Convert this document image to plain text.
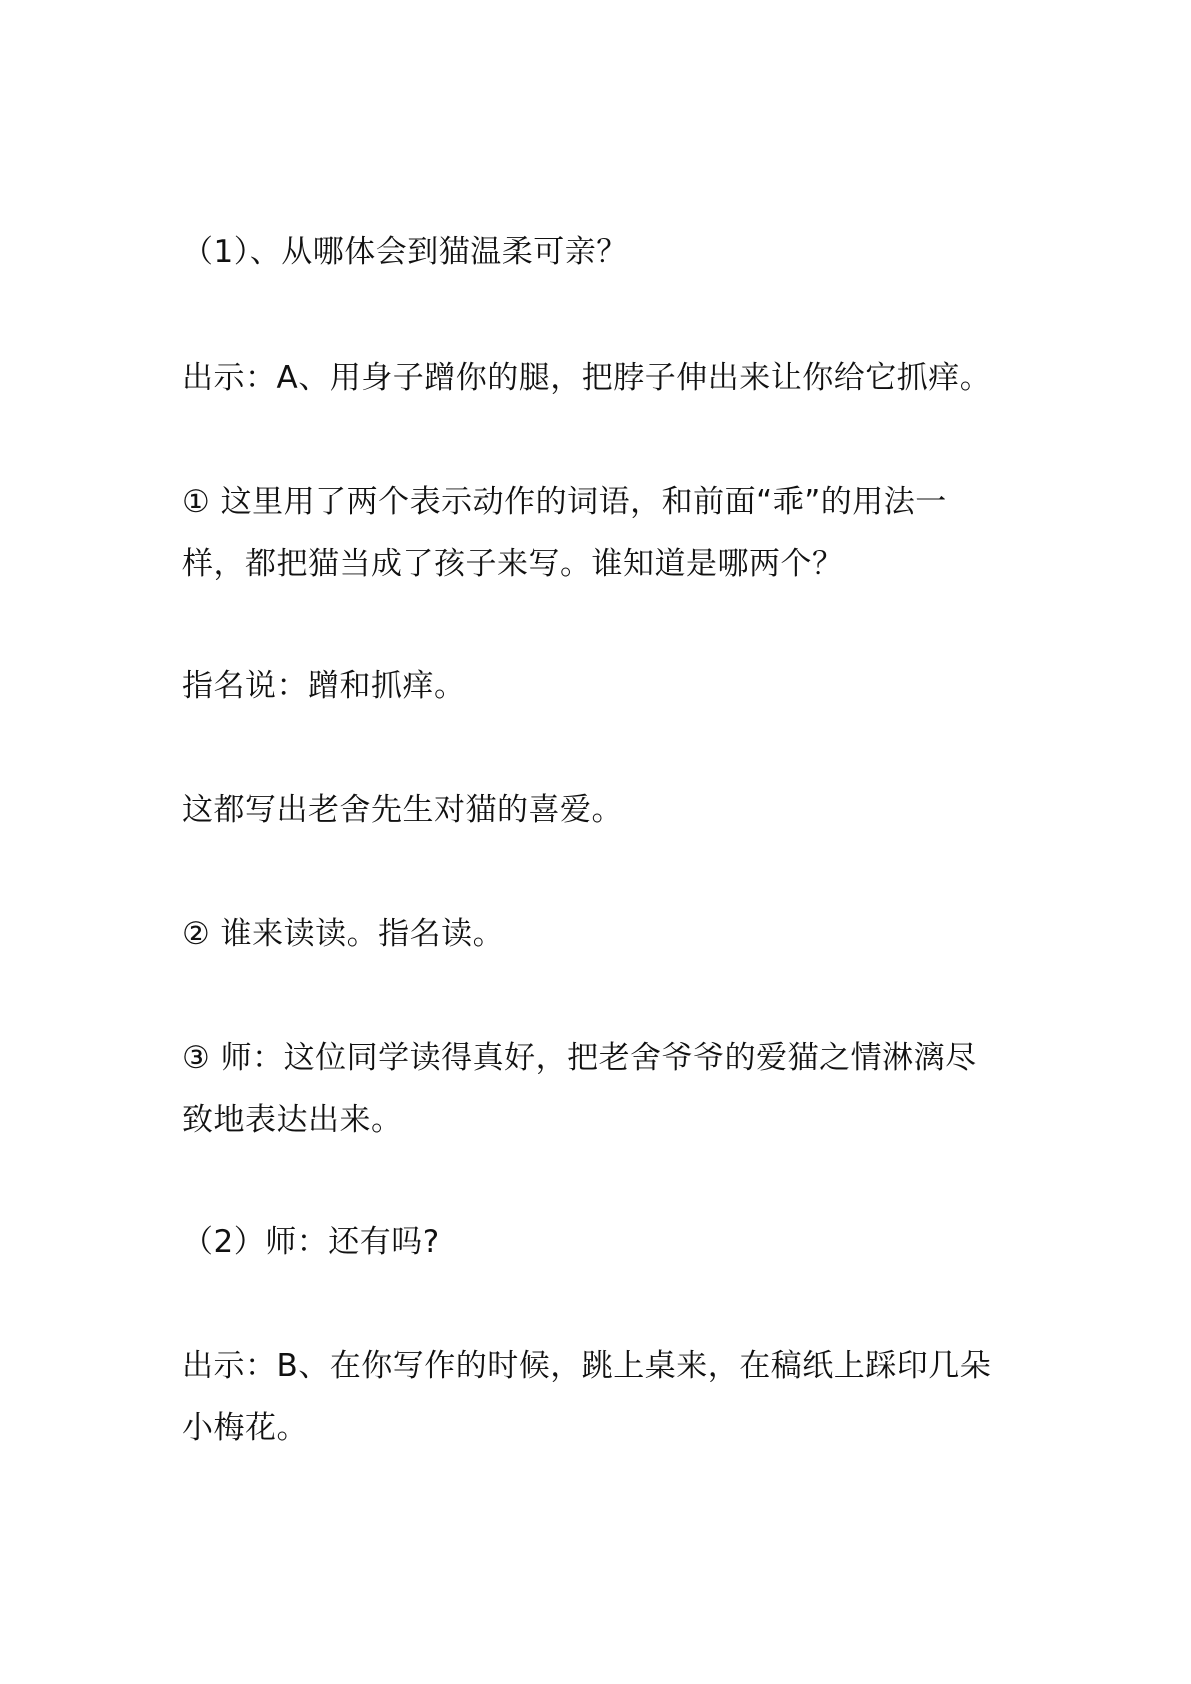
（1）、从哪体会到猫温柔可亲？
出示：A、用身子蹭你的腿，把脖子伸出来让你给它抓痒。
① 这里用了两个表示动作的词语，和前面“乖”的用法一
样，都把猫当成了孩子来写。谁知道是哪两个？
指名说：蹭和抓痒。
这都写出老舍先生对猫的喜爱。
② 谁来读读。指名读。
③ 师：这位同学读得真好，把老舍爷爷的爱猫之情淋漓尽
致地表达出来。
（2）师：还有吗?
出示：B、在你写作的时候，跳上桌来，在稿纸上踩印几朵
小梅花。
